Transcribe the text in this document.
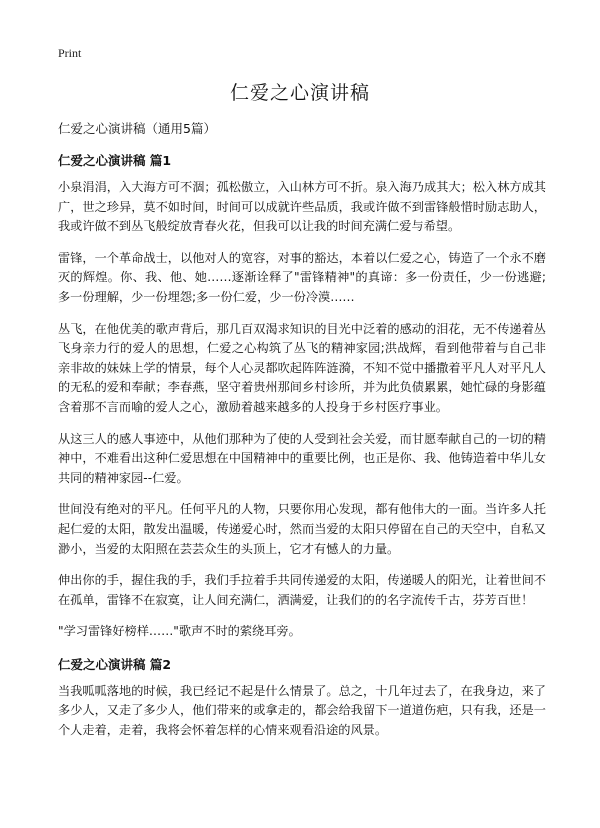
Print
仁爱之心演讲稿

仁爱之心演讲稿（通用5篇）

仁爱之心演讲稿 篇1

小泉涓涓，入大海方可不涸；孤松傲立，入山林方可不折。泉入海乃成其大；松入林方成其广，世之珍异，莫不如时间，时间可以成就许些品质，我或许做不到雷锋般惜时励志助人，我或许做不到丛飞般绽放青春火花，但我可以让我的时间充满仁爱与希望。

雷锋，一个革命战士，以他对人的宽容，对事的豁达，本着以仁爱之心，铸造了一个永不磨灭的辉煌。你、我、他、她……逐渐诠释了"雷锋精神"的真谛：多一份责任，少一份逃避;多一份理解，少一份埋怨;多一份仁爱，少一份冷漠……

丛飞，在他优美的歌声背后，那几百双渴求知识的目光中泛着的感动的泪花，无不传递着丛飞身亲力行的爱人的思想，仁爱之心构筑了丛飞的精神家园;洪战辉，看到他带着与自己非亲非故的妹妹上学的情景，每个人心灵都吹起阵阵涟漪，不知不觉中播撒着平凡人对平凡人的无私的爱和奉献；李春燕，坚守着贵州那间乡村诊所，并为此负债累累，她忙碌的身影蕴含着那不言而喻的爱人之心，激励着越来越多的人投身于乡村医疗事业。

从这三人的感人事迹中，从他们那种为了使的人受到社会关爱，而甘愿奉献自己的一切的精神中，不难看出这种仁爱思想在中国精神中的重要比例，也正是你、我、他铸造着中华儿女共同的精神家园--仁爱。

世间没有绝对的平凡。任何平凡的人物，只要你用心发现，都有他伟大的一面。当许多人托起仁爱的太阳，散发出温暖，传递爱心时，然而当爱的太阳只停留在自己的天空中，自私又渺小，当爱的太阳照在芸芸众生的头顶上，它才有憾人的力量。

伸出你的手，握住我的手，我们手拉着手共同传递爱的太阳，传递暖人的阳光，让着世间不在孤单，雷锋不在寂寞，让人间充满仁，洒满爱，让我们的的名字流传千古，芬芳百世！

"学习雷锋好榜样……"歌声不时的萦绕耳旁。

仁爱之心演讲稿 篇2

当我呱呱落地的时候，我已经记不起是什么情景了。总之，十几年过去了，在我身边，来了多少人，又走了多少人，他们带来的或拿走的，都会给我留下一道道伤疤，只有我，还是一个人走着，走着，我将会怀着怎样的心情来观看沿途的风景。
